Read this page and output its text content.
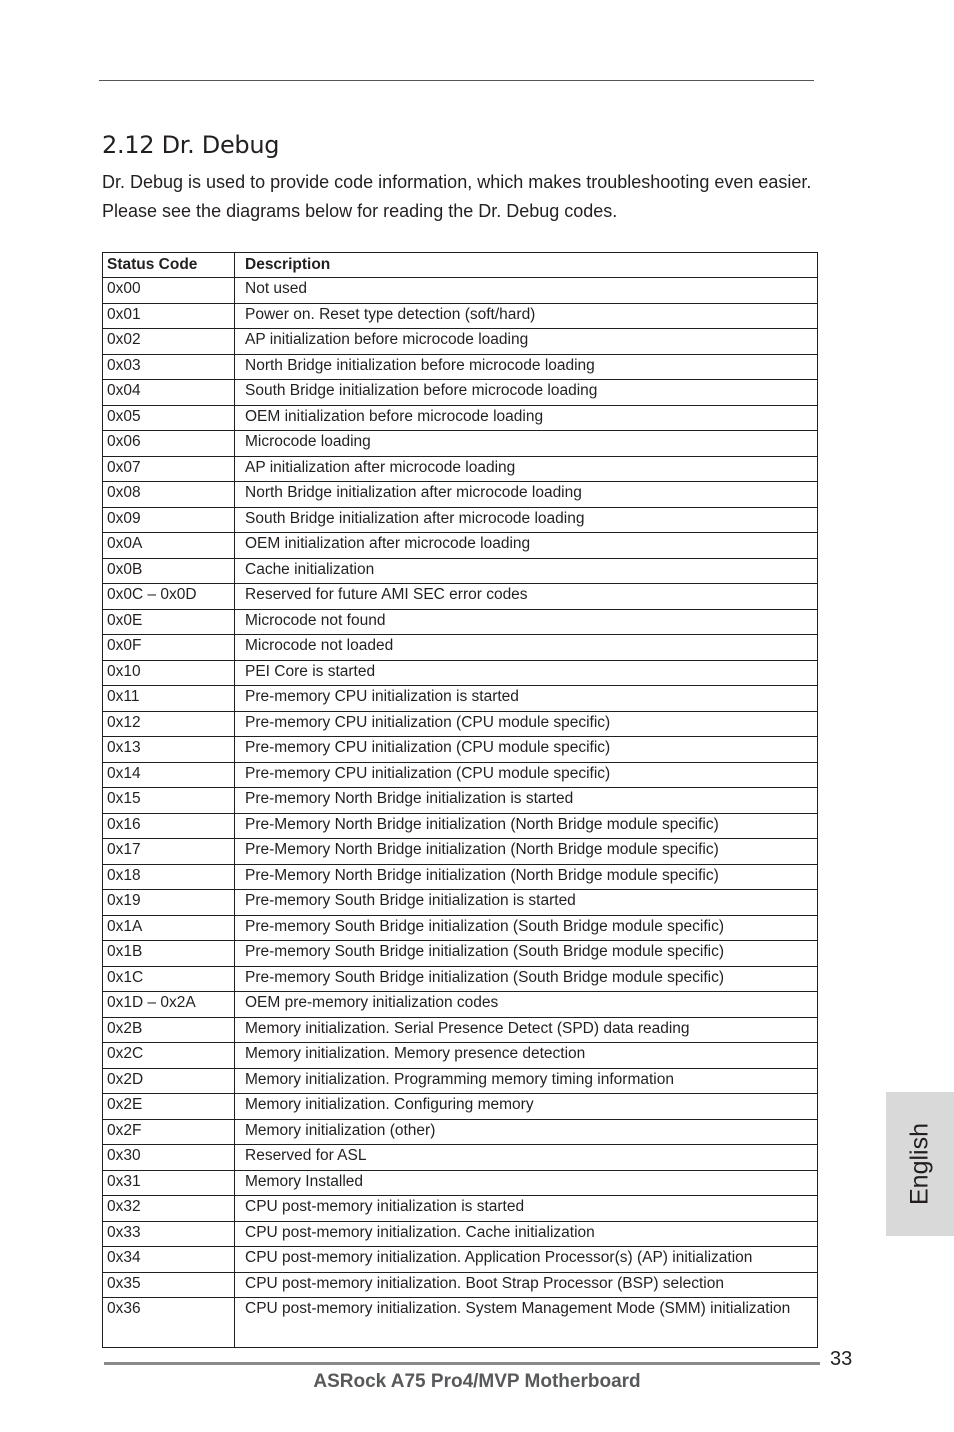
2.12 Dr. Debug

Dr. Debug is used to provide code information, which makes troubleshooting even easier. Please see the diagrams below for reading the Dr. Debug codes.

Status Code	Description
0x00	Not used
0x01	Power on. Reset type detection (soft/hard)
0x02	AP initialization before microcode loading
0x03	North Bridge initialization before microcode loading
0x04	South Bridge initialization before microcode loading
0x05	OEM initialization before microcode loading
0x06	Microcode loading
0x07	AP initialization after microcode loading
0x08	North Bridge initialization after microcode loading
0x09	South Bridge initialization after microcode loading
0x0A	OEM initialization after microcode loading
0x0B	Cache initialization
0x0C – 0x0D	Reserved for future AMI SEC error codes
0x0E	Microcode not found
0x0F	Microcode not loaded
0x10	PEI Core is started
0x11	Pre-memory CPU initialization is started
0x12	Pre-memory CPU initialization (CPU module specific)
0x13	Pre-memory CPU initialization (CPU module specific)
0x14	Pre-memory CPU initialization (CPU module specific)
0x15	Pre-memory North Bridge initialization is started
0x16	Pre-Memory North Bridge initialization (North Bridge module specific)
0x17	Pre-Memory North Bridge initialization (North Bridge module specific)
0x18	Pre-Memory North Bridge initialization (North Bridge module specific)
0x19	Pre-memory South Bridge initialization is started
0x1A	Pre-memory South Bridge initialization (South Bridge module specific)
0x1B	Pre-memory South Bridge initialization (South Bridge module specific)
0x1C	Pre-memory South Bridge initialization (South Bridge module specific)
0x1D – 0x2A	OEM pre-memory initialization codes
0x2B	Memory initialization. Serial Presence Detect (SPD) data reading
0x2C	Memory initialization. Memory presence detection
0x2D	Memory initialization. Programming memory timing information
0x2E	Memory initialization. Configuring memory
0x2F	Memory initialization (other)
0x30	Reserved for ASL
0x31	Memory Installed
0x32	CPU post-memory initialization is started
0x33	CPU post-memory initialization. Cache initialization
0x34	CPU post-memory initialization. Application Processor(s) (AP) initialization
0x35	CPU post-memory initialization. Boot Strap Processor (BSP) selection
0x36	CPU post-memory initialization. System Management Mode (SMM) initialization
English
33
ASRock A75 Pro4/MVP Motherboard
